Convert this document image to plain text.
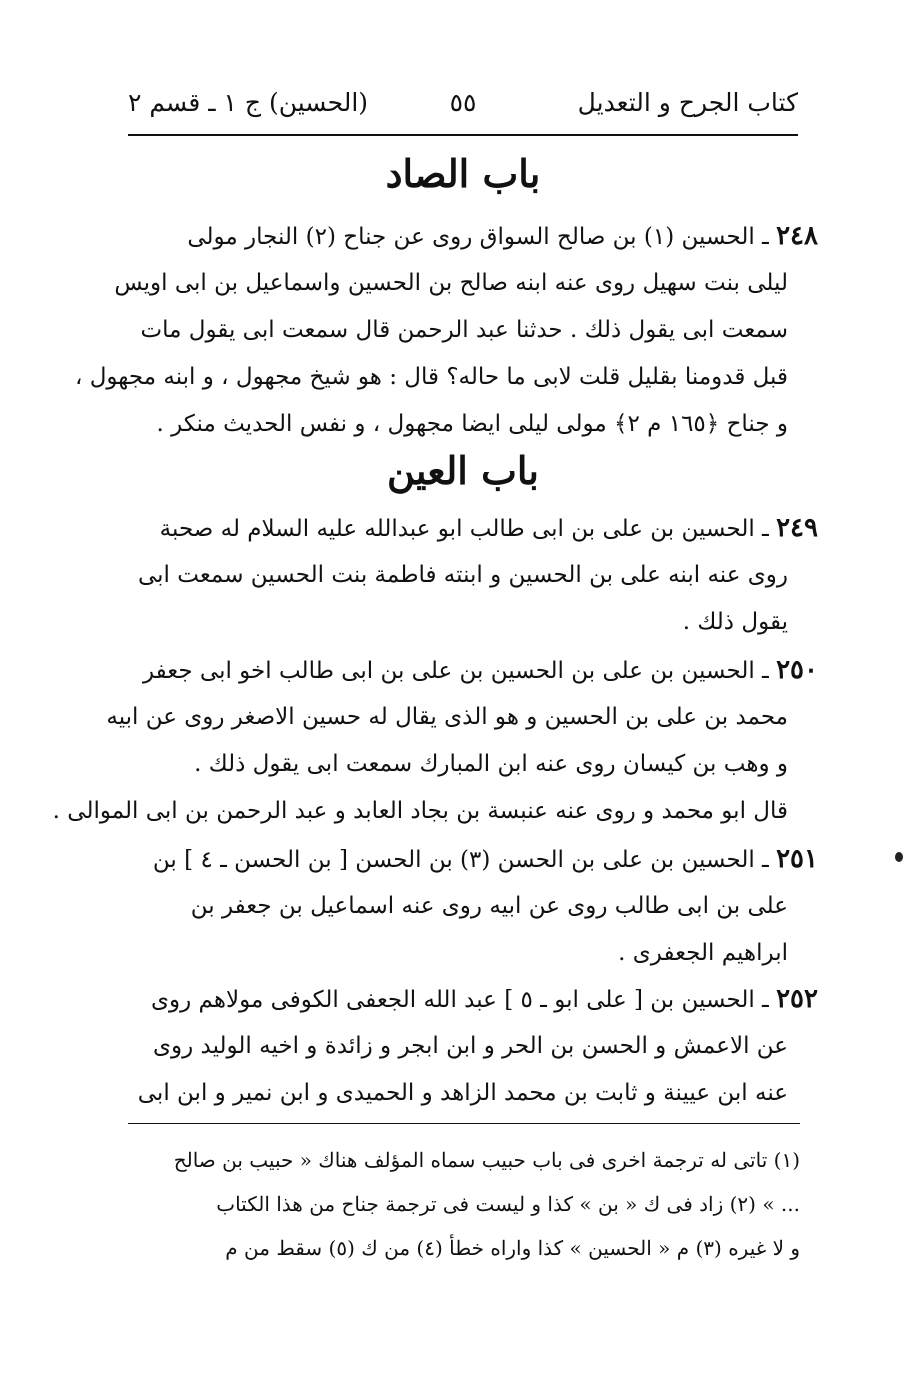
كتاب الجرح و التعديل
٥٥
(الحسين) ج ١ ـ قسم ٢
باب الصاد
٢٤٨ ـ الحسين (١) بن صالح السواق روى عن جناح (٢) النجار مولى
ليلى بنت سهيل روى عنه ابنه صالح بن الحسين واسماعيل بن ابى اويس
سمعت ابى يقول ذلك . حدثنا عبد الرحمن قال سمعت ابى يقول مات
قبل قدومنا بقليل قلت لابى ما حاله؟ قال : هو شيخ مجهول ، و ابنه مجهول ،
و جناح ﴿١٦٥ م ٢﴾ مولى ليلى ايضا مجهول ، و نفس الحديث منكر .
باب العين
٢٤٩ ـ الحسين بن على بن ابى طالب ابو عبدالله عليه السلام له صحبة
روى عنه ابنه على بن الحسين و ابنته فاطمة بنت الحسين سمعت ابى
يقول ذلك .
٢٥٠ ـ الحسين بن على بن الحسين بن على بن ابى طالب اخو ابى جعفر
محمد بن على بن الحسين و هو الذى يقال له حسين الاصغر روى عن ابيه
و وهب بن كيسان روى عنه ابن المبارك سمعت ابى يقول ذلك .
قال ابو محمد و روى عنه عنبسة بن بجاد العابد و عبد الرحمن بن ابى الموالى .
٢٥١ ـ الحسين بن على بن الحسن (٣) بن الحسن [ بن الحسن ـ ٤ ] بن
على بن ابى طالب روى عن ابيه روى عنه اسماعيل بن جعفر بن
ابراهيم الجعفرى .
٢٥٢ ـ الحسين بن [ على ابو ـ ٥ ] عبد الله الجعفى الكوفى مولاهم روى
عن الاعمش و الحسن بن الحر و ابن ابجر و زائدة و اخيه الوليد روى
عنه ابن عيينة و ثابت بن محمد الزاهد و الحميدى و ابن نمير و ابن ابى
(١) تاتى له ترجمة اخرى فى باب حبيب سماه المؤلف هناك « حبيب بن صالح
... » (٢) زاد فى ك « بن » كذا و ليست فى ترجمة جناح من هذا الكتاب
و لا غيره (٣) م « الحسين » كذا واراه خطأ (٤) من ك (٥) سقط من م
